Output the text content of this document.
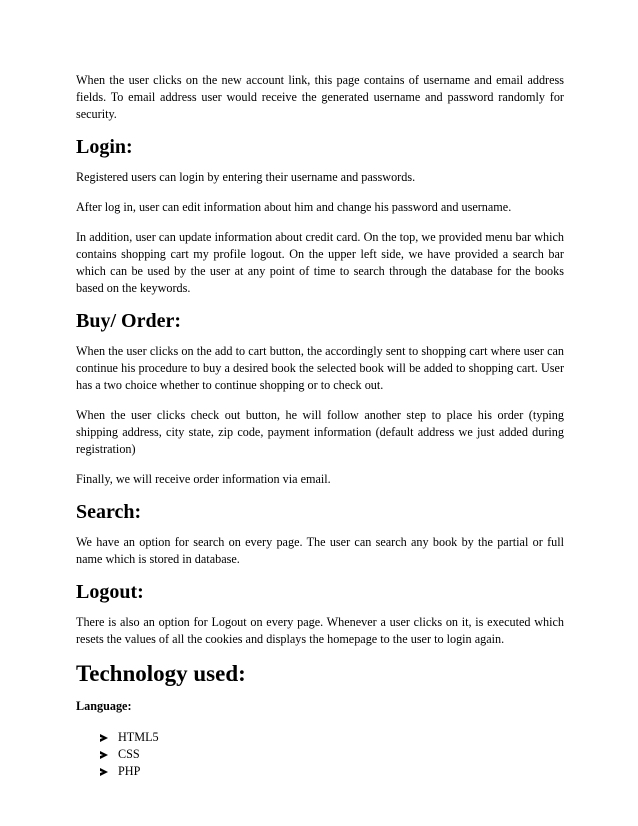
When the user clicks on the new account link, this page contains of username and email address fields. To email address user would receive the generated username and password randomly for security.

Login:

Registered users can login by entering their username and passwords.

After log in, user can edit information about him and change his password and username.

In addition, user can update information about credit card. On the top, we provided menu bar which contains shopping cart my profile logout. On the upper left side, we have provided a search bar which can be used by the user at any point of time to search through the database for the books based on the keywords.

Buy/ Order:

When the user clicks on the add to cart button, the accordingly sent to shopping cart where user can continue his procedure to buy a desired book the selected book will be added to shopping cart. User has a two choice whether to continue shopping or to check out.

When the user clicks check out button, he will follow another step to place his order (typing shipping address, city state, zip code, payment information (default address we just added during registration)

Finally, we will receive order information via email.

Search:

We have an option for search on every page. The user can search any book by the partial or full name which is stored in database.

Logout:

There is also an option for Logout on every page. Whenever a user clicks on it, is executed which resets the values of all the cookies and displays the homepage to the user to login again.

Technology used:
Language:
HTML5
CSS
PHP
